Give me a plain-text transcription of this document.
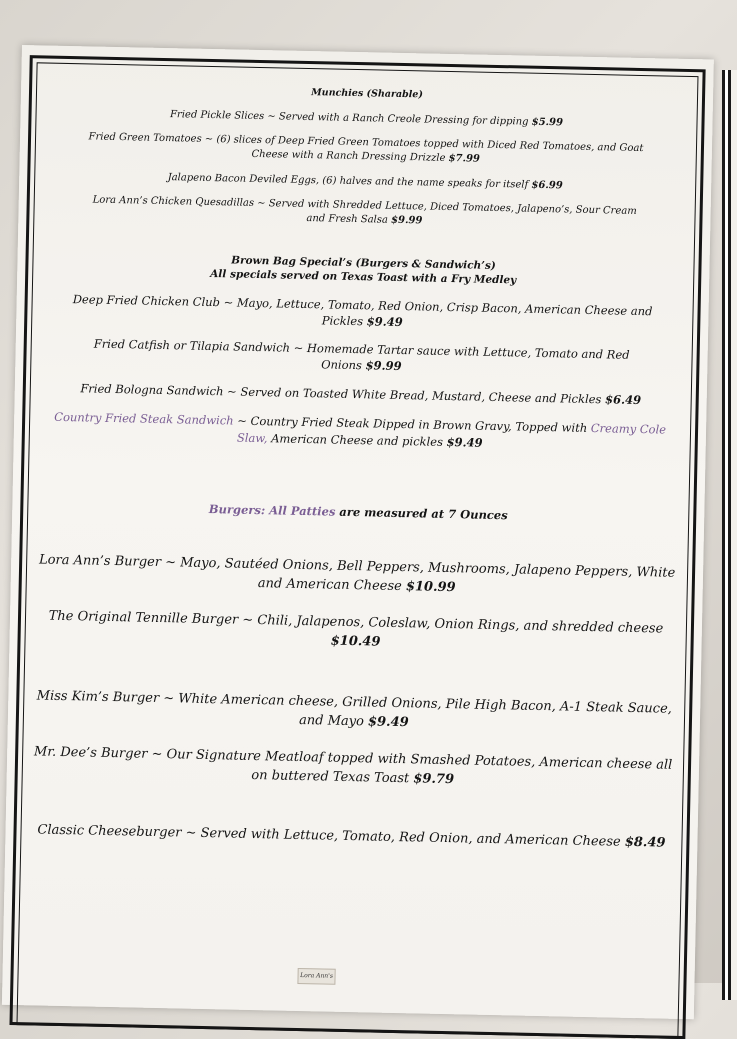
Munchies (Sharable)
Fried Pickle Slices ~ Served with a Ranch Creole Dressing for dipping $5.99
Fried Green Tomatoes ~ (6) slices of Deep Fried Green Tomatoes topped with Diced Red Tomatoes, and Goat Cheese with a Ranch Dressing Drizzle $7.99
Jalapeno Bacon Deviled Eggs, (6) halves and the name speaks for itself $6.99
Lora Ann’s Chicken Quesadillas ~ Served with Shredded Lettuce, Diced Tomatoes, Jalapeno’s, Sour Cream and Fresh Salsa $9.99
Brown Bag Special’s (Burgers & Sandwich’s)
All specials served on Texas Toast with a Fry Medley
Deep Fried Chicken Club ~ Mayo, Lettuce, Tomato, Red Onion, Crisp Bacon, American Cheese and Pickles $9.49
Fried Catfish or Tilapia Sandwich ~ Homemade Tartar sauce with Lettuce, Tomato and Red Onions $9.99
Fried Bologna Sandwich ~ Served on Toasted White Bread, Mustard, Cheese and Pickles $6.49
Country Fried Steak Sandwich ~ Country Fried Steak Dipped in Brown Gravy, Topped with Creamy Cole Slaw, American Cheese and pickles $9.49
Burgers: All Patties are measured at 7 Ounces
Lora Ann’s Burger ~ Mayo, Sautéed Onions, Bell Peppers, Mushrooms, Jalapeno Peppers, White and American Cheese $10.99
The Original Tennille Burger ~ Chili, Jalapenos, Coleslaw, Onion Rings, and shredded cheese $10.49
Miss Kim’s Burger ~ White American cheese, Grilled Onions, Pile High Bacon, A-1 Steak Sauce, and Mayo $9.49
Mr. Dee’s Burger ~ Our Signature Meatloaf topped with Smashed Potatoes, American cheese all on buttered Texas Toast $9.79
Classic Cheeseburger ~ Served with Lettuce, Tomato, Red Onion, and American Cheese $8.49
Lora Ann's
